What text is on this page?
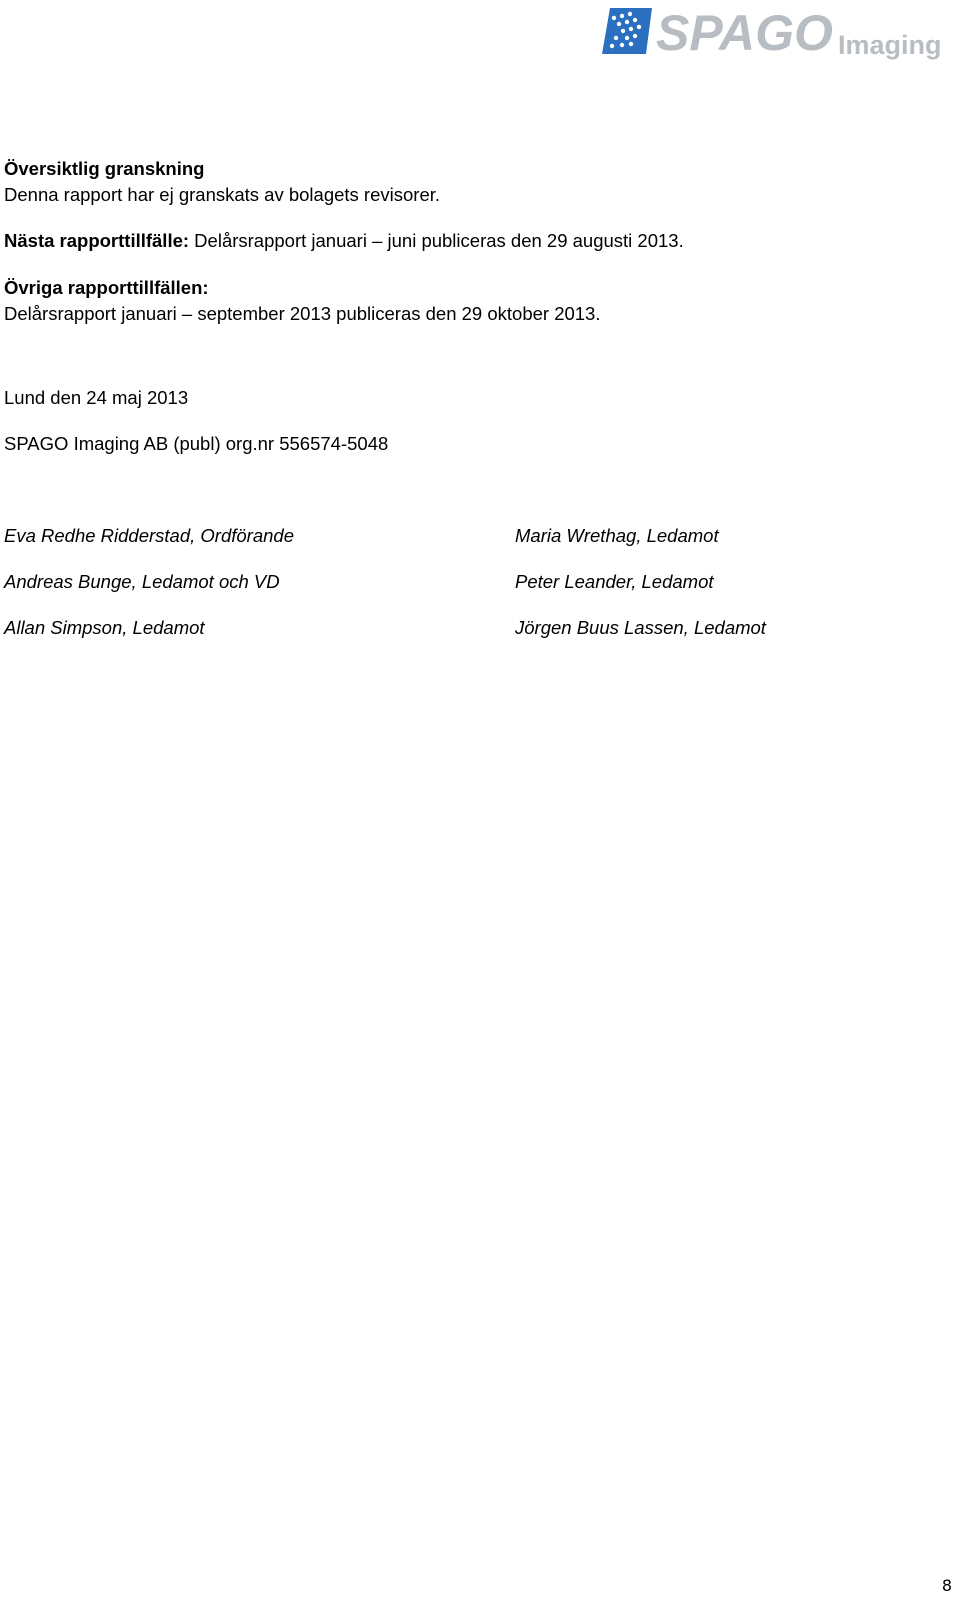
SPAGO Imaging
Översiktlig granskning
Denna rapport har ej granskats av bolagets revisorer.
Nästa rapporttillfälle: Delårsrapport januari – juni publiceras den 29 augusti 2013.
Övriga rapporttillfällen:
Delårsrapport januari – september 2013 publiceras den 29 oktober 2013.
Lund den 24 maj 2013
SPAGO Imaging AB (publ) org.nr 556574-5048
Eva Redhe Ridderstad, Ordförande
Andreas Bunge, Ledamot och VD
Allan Simpson, Ledamot
Maria Wrethag, Ledamot
Peter Leander, Ledamot
Jörgen Buus Lassen, Ledamot
8
